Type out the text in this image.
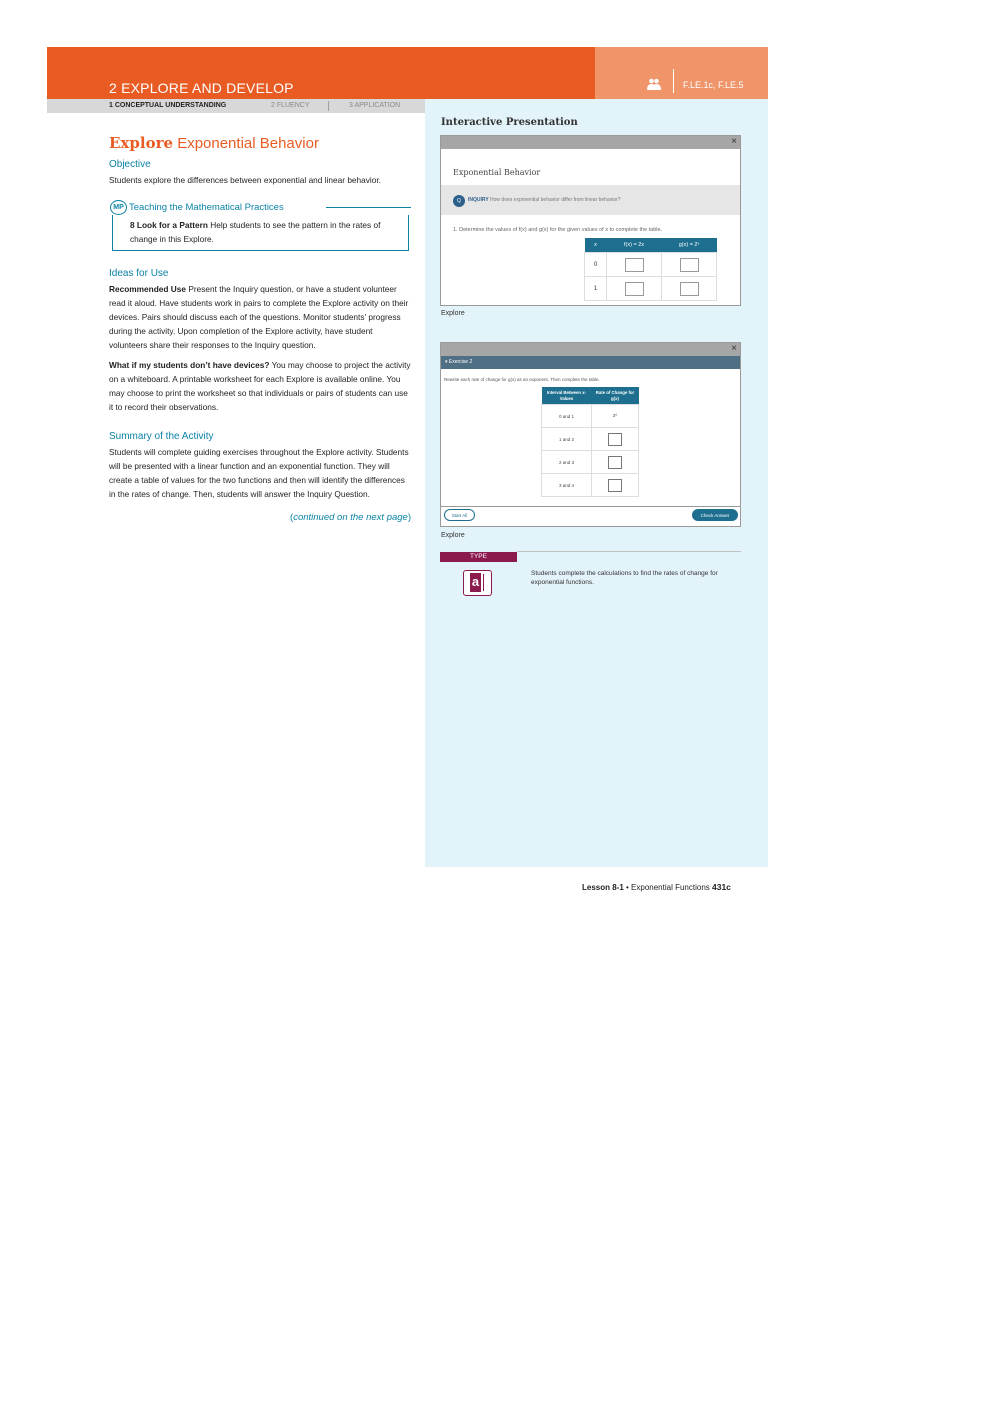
2 EXPLORE AND DEVELOP	F.LE.1c, F.LE.5
1 CONCEPTUAL UNDERSTANDING	2 FLUENCY	3 APPLICATION
Explore Exponential Behavior
Objective

Students explore the differences between exponential and linear behavior.

MP Teaching the Mathematical Practices

8 Look for a Pattern Help students to see the pattern in the rates of change in this Explore.

Ideas for Use

Recommended Use Present the Inquiry question, or have a student volunteer read it aloud. Have students work in pairs to complete the Explore activity on their devices. Pairs should discuss each of the questions. Monitor students’ progress during the activity. Upon completion of the Explore activity, have student volunteers share their responses to the Inquiry question.

What if my students don’t have devices? You may choose to project the activity on a whiteboard. A printable worksheet for each Explore is available online. You may choose to print the worksheet so that individuals or pairs of students can use it to record their observations.

Summary of the Activity

Students will complete guiding exercises throughout the Explore activity. Students will be presented with a linear function and an exponential function. They will create a table of values for the two functions and then will identify the differences in the rates of change. Then, students will answer the Inquiry Question.

(continued on the next page)
Interactive Presentation
×
Exponential Behavior
Q	INQUIRY How does exponential behavior differ from linear behavior?
1. Determine the values of f(x) and g(x) for the given values of x to complete the table.
x	f(x) = 2x	g(x) = 2ˣ
0		
1		
Explore
×
▾ Exercise 2
Rewrite each rate of change for g(x) as an exponent. Then complete the table.
Interval Between x-Values	Rate of Change for g(x)
0 and 1	2⁰
1 and 2	
2 and 3	
3 and 4	
Start All	Check Answer
Explore
TYPE
a
Students complete the calculations to find the rates of change for exponential functions.
Lesson 8-1 • Exponential Functions 431c
